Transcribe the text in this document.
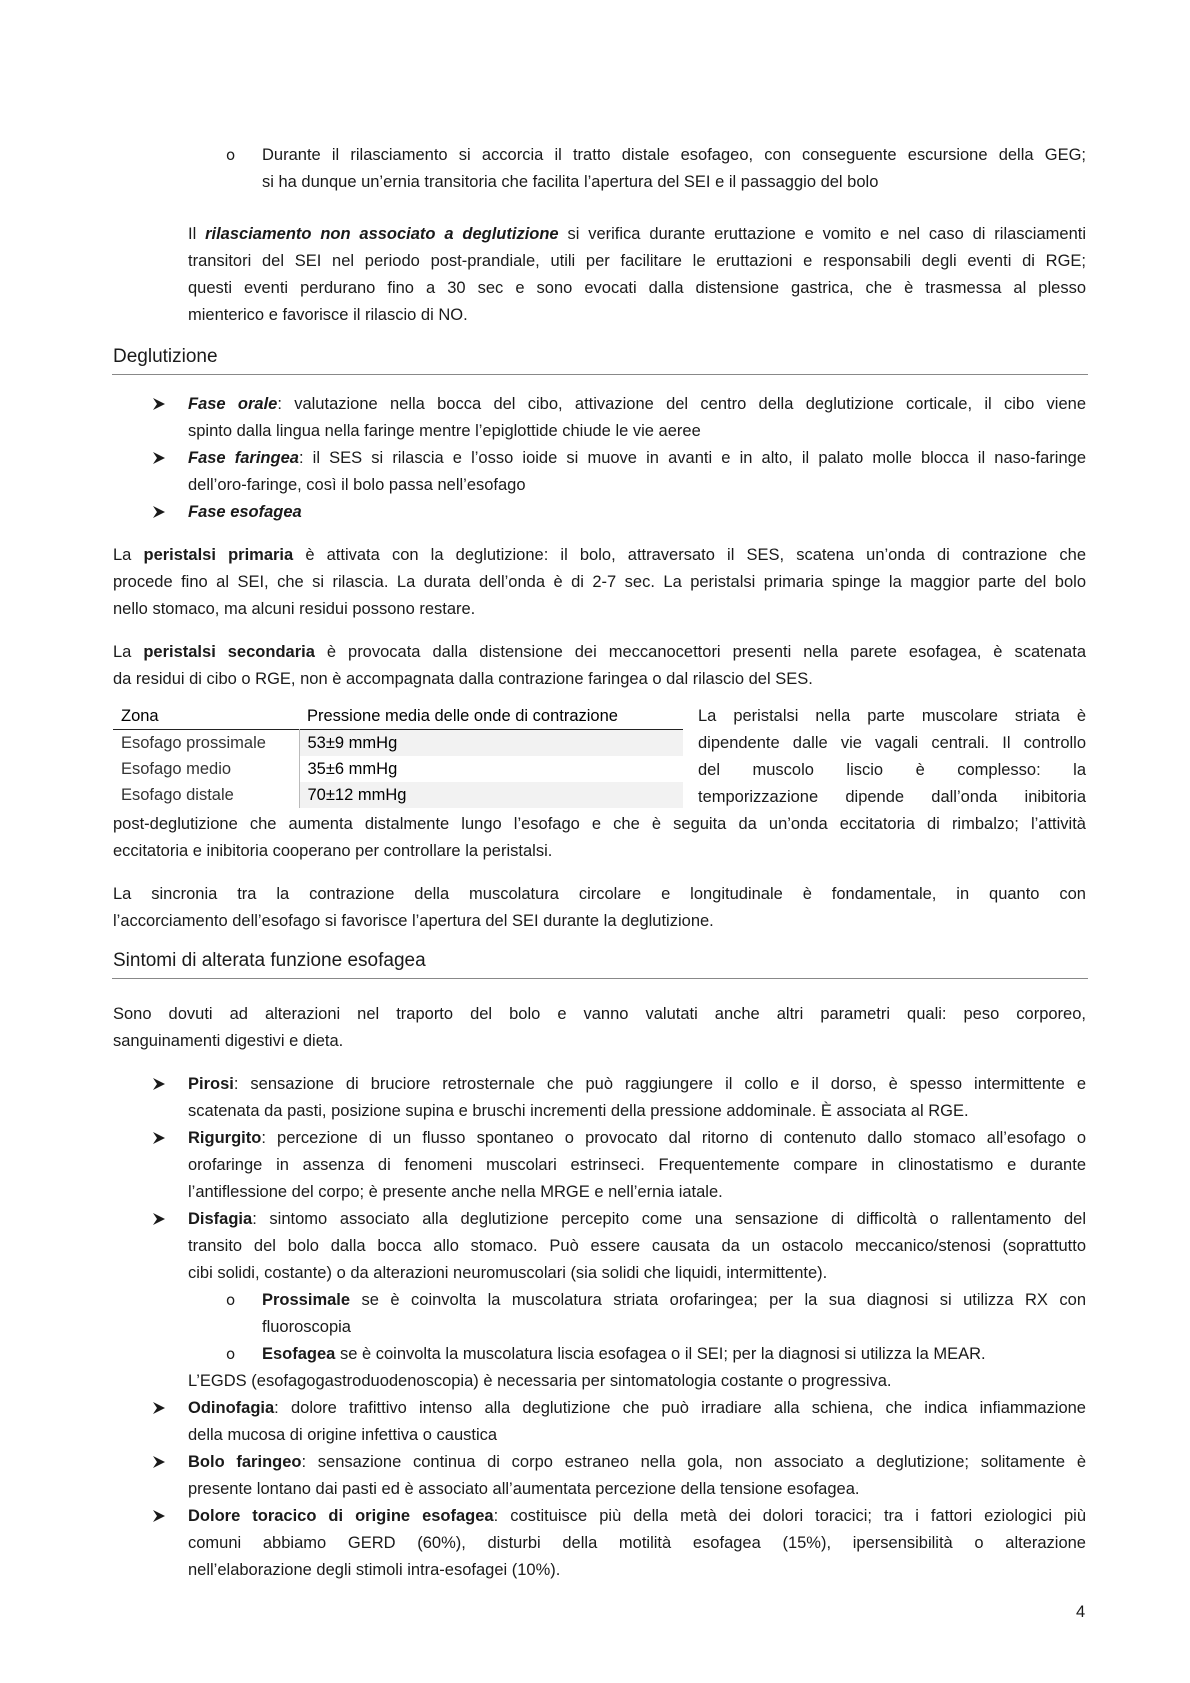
o Durante il rilasciamento si accorcia il tratto distale esofageo, con conseguente escursione della GEG;
si ha dunque un’ernia transitoria che facilita l’apertura del SEI e il passaggio del bolo
Il rilasciamento non associato a deglutizione si verifica durante eruttazione e vomito e nel caso di rilasciamenti
transitori del SEI nel periodo post-prandiale, utili per facilitare le eruttazioni e responsabili degli eventi di RGE;
questi eventi perdurano fino a 30 sec e sono evocati dalla distensione gastrica, che è trasmessa al plesso
mienterico e favorisce il rilascio di NO.
Deglutizione
Fase orale: valutazione nella bocca del cibo, attivazione del centro della deglutizione corticale, il cibo viene
spinto dalla lingua nella faringe mentre l’epiglottide chiude le vie aeree
Fase faringea: il SES si rilascia e l’osso ioide si muove in avanti e in alto, il palato molle blocca il naso-faringe
dell’oro-faringe, così il bolo passa nell’esofago
Fase esofagea
La peristalsi primaria è attivata con la deglutizione: il bolo, attraversato il SES, scatena un’onda di contrazione che
procede fino al SEI, che si rilascia. La durata dell’onda è di 2-7 sec. La peristalsi primaria spinge la maggior parte del bolo
nello stomaco, ma alcuni residui possono restare.
La peristalsi secondaria è provocata dalla distensione dei meccanocettori presenti nella parete esofagea, è scatenata
da residui di cibo o RGE, non è accompagnata dalla contrazione faringea o dal rilascio del SES.
Zona	Pressione media delle onde di contrazione
Esofago prossimale	53±9 mmHg
Esofago medio	35±6 mmHg
Esofago distale	70±12 mmHg
La peristalsi nella parte muscolare striata è
dipendente dalle vie vagali centrali. Il controllo
del muscolo liscio è complesso: la
temporizzazione dipende dall’onda inibitoria
post-deglutizione che aumenta distalmente lungo l’esofago e che è seguita da un’onda eccitatoria di rimbalzo; l’attività
eccitatoria e inibitoria cooperano per controllare la peristalsi.
La sincronia tra la contrazione della muscolatura circolare e longitudinale è fondamentale, in quanto con
l’accorciamento dell’esofago si favorisce l’apertura del SEI durante la deglutizione.
Sintomi di alterata funzione esofagea
Sono dovuti ad alterazioni nel traporto del bolo e vanno valutati anche altri parametri quali: peso corporeo,
sanguinamenti digestivi e dieta.
Pirosi: sensazione di bruciore retrosternale che può raggiungere il collo e il dorso, è spesso intermittente e
scatenata da pasti, posizione supina e bruschi incrementi della pressione addominale. È associata al RGE.
Rigurgito: percezione di un flusso spontaneo o provocato dal ritorno di contenuto dallo stomaco all’esofago o
orofaringe in assenza di fenomeni muscolari estrinseci. Frequentemente compare in clinostatismo e durante
l’antiflessione del corpo; è presente anche nella MRGE e nell’ernia iatale.
Disfagia: sintomo associato alla deglutizione percepito come una sensazione di difficoltà o rallentamento del
transito del bolo dalla bocca allo stomaco. Può essere causata da un ostacolo meccanico/stenosi (soprattutto
cibi solidi, costante) o da alterazioni neuromuscolari (sia solidi che liquidi, intermittente).
o Prossimale se è coinvolta la muscolatura striata orofaringea; per la sua diagnosi si utilizza RX con
fluoroscopia
o Esofagea se è coinvolta la muscolatura liscia esofagea o il SEI; per la diagnosi si utilizza la MEAR.
L’EGDS (esofagogastroduodenoscopia) è necessaria per sintomatologia costante o progressiva.
Odinofagia: dolore trafittivo intenso alla deglutizione che può irradiare alla schiena, che indica infiammazione
della mucosa di origine infettiva o caustica
Bolo faringeo: sensazione continua di corpo estraneo nella gola, non associato a deglutizione; solitamente è
presente lontano dai pasti ed è associato all’aumentata percezione della tensione esofagea.
Dolore toracico di origine esofagea: costituisce più della metà dei dolori toracici; tra i fattori eziologici più
comuni abbiamo GERD (60%), disturbi della motilità esofagea (15%), ipersensibilità o alterazione
nell’elaborazione degli stimoli intra-esofagei (10%).
4
